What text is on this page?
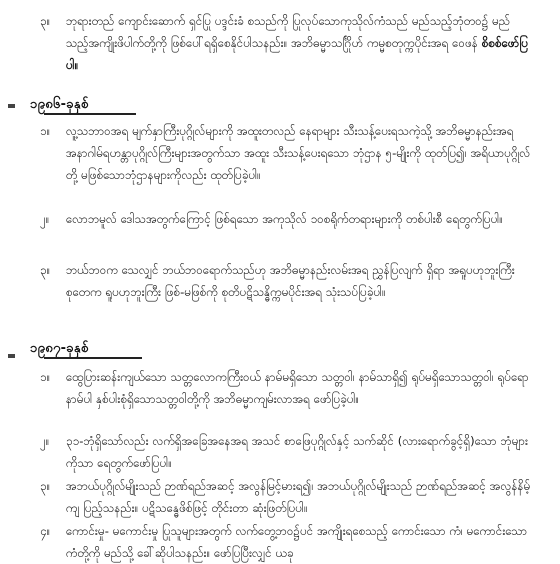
၃။ ဘုရားတည် ကျောင်းဆောက် ရှင်ပြု ပဒ္ဒင်းခံ စသည်ကို ပြုလုပ်သောကုသိုလ်ကံသည် မည်သည့်ဘုံတဝ၌ မည်သည့်အကျိုးဖိပါက်တို့ကို ဖြစ်ပေါ်ရရှိစေနိုင်ပါသနည်း။ အဘိဓမ္မာသင်္ဂြိုဟ် ကမ္မစတုက္ကပိုင်းအရ ဝေဖန် စိစစ်ဖော်ပြပါ။
၁၉၈၆-ခုနှစ်
၁။ လူ့သဘာဝအရ မျက်နှာကြီးပုဂ္ဂိုလ်များကို အထူးတလည် နေရာများ သီးသန့်ပေးရသကဲ့သို့ အဘိဓမ္မာနည်းအရ အနာဂါမ်ရဟန္တာပုဂ္ဂိုလ်ကြီးများအတွက်သာ အထူး သီးသန့်ပေးရသော ဘုံဌာန ၅-မျိုးကို ထုတ်ပြ၍၊ အရိယာပုဂ္ဂိုလ်တို့ မဖြစ်သောဘုံဌာနများကိုလည်း ထုတ်ပြခဲ့ပါ။
၂။ လောဘမူလ် ဒေါသအတွက်ကြောင့် ဖြစ်ရသော အကုသိုလ် ၁၀စရိုက်တရားများကို တစ်ပါးစီ ရေတွက်ပြပါ။
၃။ ဘယ်ဘဝက သေလျှင် ဘယ်ဘဝရောက်သည်ဟု အဘိဓမ္မာနည်းလမ်းအရ ညွှန်ပြလျက် ရှိရာ အရူပဟုဘူးကြီး စုတေက ရူပဟုဘူးကြီး ဖြစ်-မဖြစ်ကို စုတိပဋိသန္ဓိက္ကမပိုင်းအရ သုံးသပ်ပြခဲ့ပါ။
၁၉၈၇-ခုနှစ်
၁။ ထွေပြားဆန်းကျယ်သော သတ္တလောကကြီးဝယ် နာမ်မရှိသော သတ္တဝါ၊ နာမ်သာရှိ၍ ရုပ်မရှိသောသတ္တဝါ၊ ရုပ်ရောနာမ်ပါ နှစ်ပါးစုံရှိသောသတ္တဝါတို့ကို အဘိဓမ္မာကျမ်းလာအရ ဖော်ပြခဲ့ပါ။
၂။ ၃၁-ဘုံရှိသော်လည်း လက်ရှိအခြေအနေအရ အသင် စာဖြေပုဂ္ဂိုလ်နှင့် သက်ဆိုင် (လားရောက်ခွင့်ရှိ)သော ဘုံများကိုသာ ရေတွက်ဖော်ပြပါ။
၃။ အဘယ်ပုဂ္ဂိုလ်မျိုးသည် ဉာဏ်ရည်အဆင့် အလွန်မြင့်မားရ၍၊ အဘယ်ပုဂ္ဂိုလ်မျိုးသည် ဉာဏ်ရည်အဆင့် အလွန်နိမ့်ကျ ပြည့်သနည်း။ ပဋိသန္ဓေဖိစ်ဖြင့် တိုင်းတာ ဆုံးဖြတ်ပြပါ။
၄။ ကောင်းမှု- မကောင်းမှု ပြုသူများအတွက် လက်တွေ့ဘဝ၌ပင် အကျိုးရစေသည့် ကောင်းသော ကံ၊ မကောင်းသောကံတို့ကို မည်သို့ ခေါ်ဆိုပါသနည်း။ ဖော်ပြပြီးလျှင် ယခု
